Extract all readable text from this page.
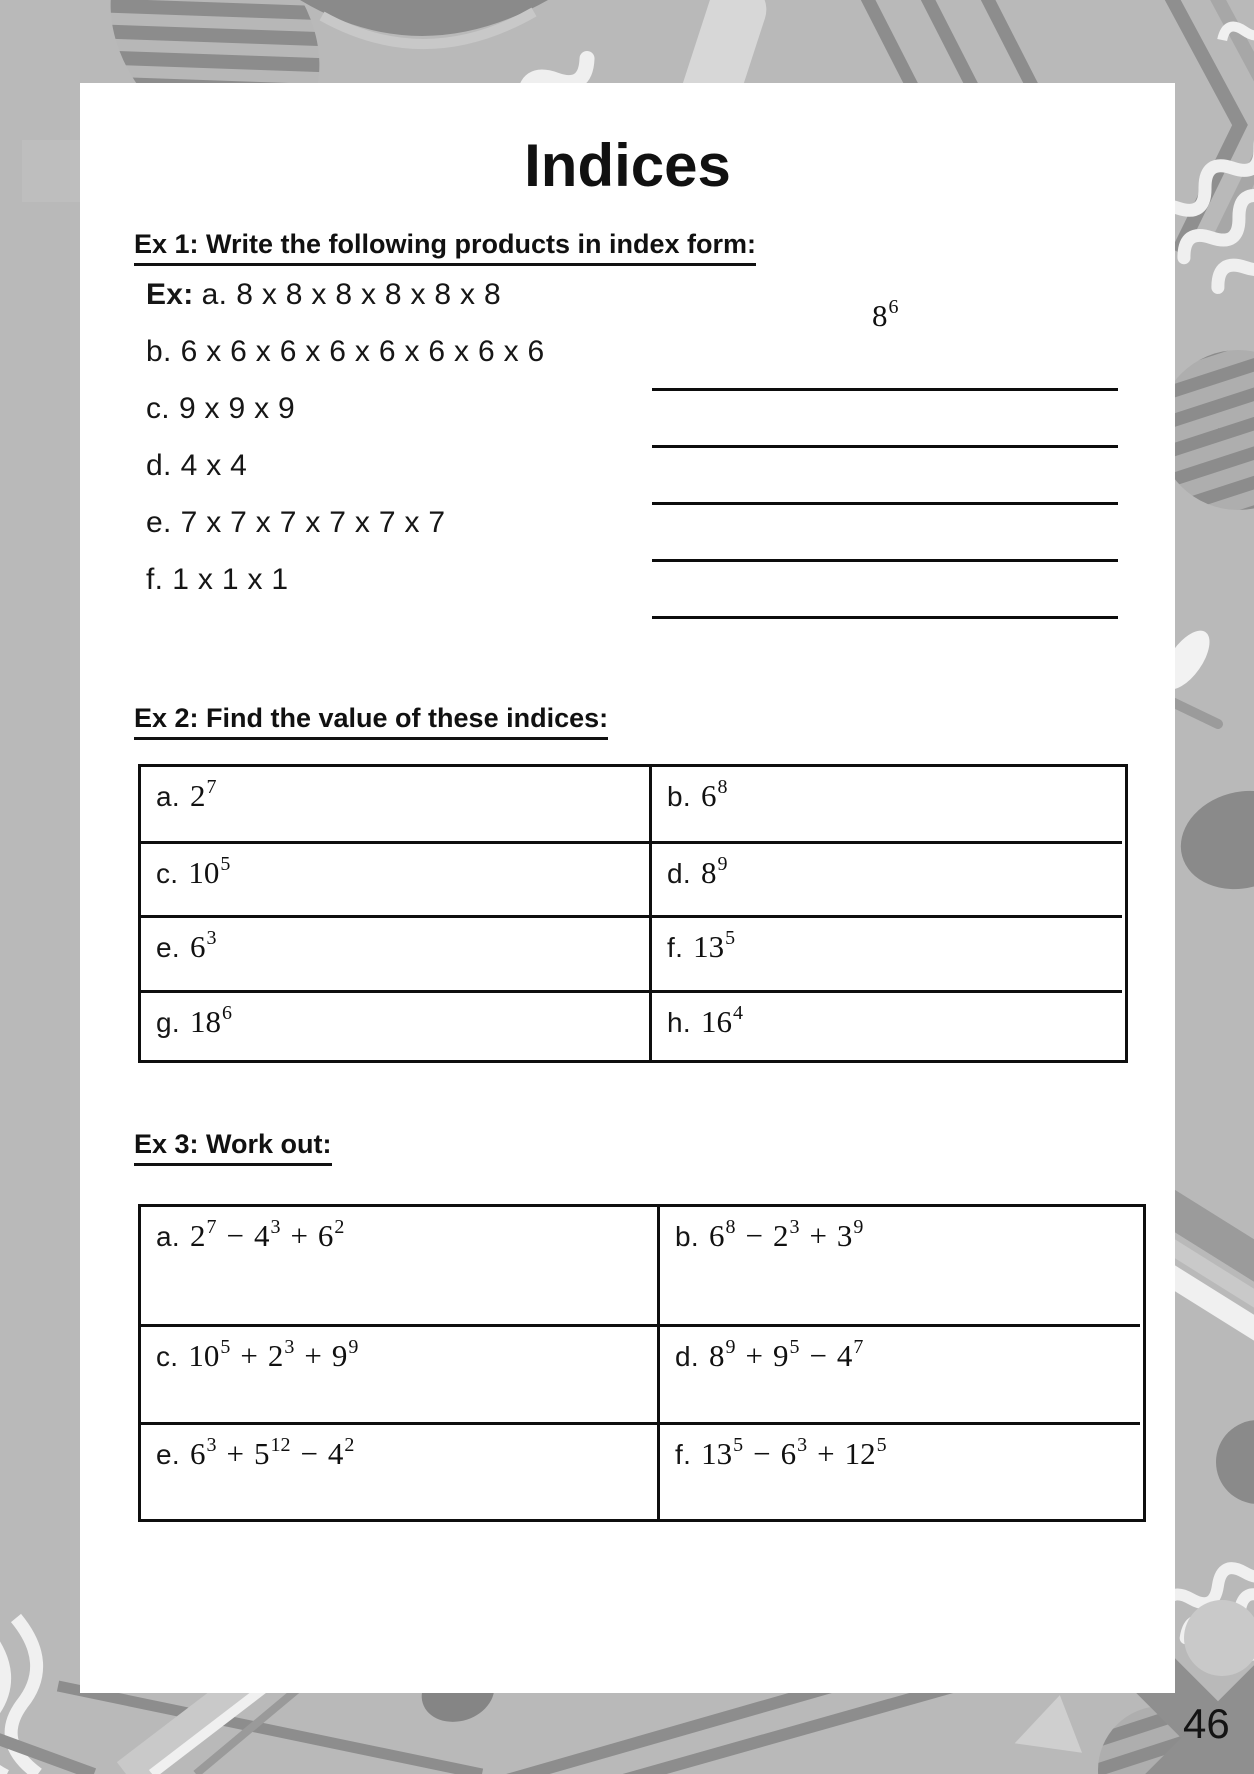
Indices
Ex 1: Write the following products in index form:
Ex: a. 8 x 8 x 8 x 8 x 8 x 8
$8^6$
b. 6 x 6 x 6 x 6 x 6 x 6 x 6 x 6
c. 9 x 9 x 9
d. 4 x 4
e. 7 x 7 x 7 x 7 x 7 x 7
f. 1 x 1 x 1
Ex 2: Find the value of these indices:
a. $2^7$	b. $6^8$
c. $10^5$	d. $8^9$
e. $6^3$	f. $13^5$
g. $18^6$	h. $16^4$
Ex 3: Work out:
a. $2^7 - 4^3 + 6^2$	b. $6^8 - 2^3 + 3^9$
c. $10^5 + 2^3 + 9^9$	d. $8^9 + 9^5 - 4^7$
e. $6^3 + 5^{12} - 4^2$	f. $13^5 - 6^3 + 12^5$
46
